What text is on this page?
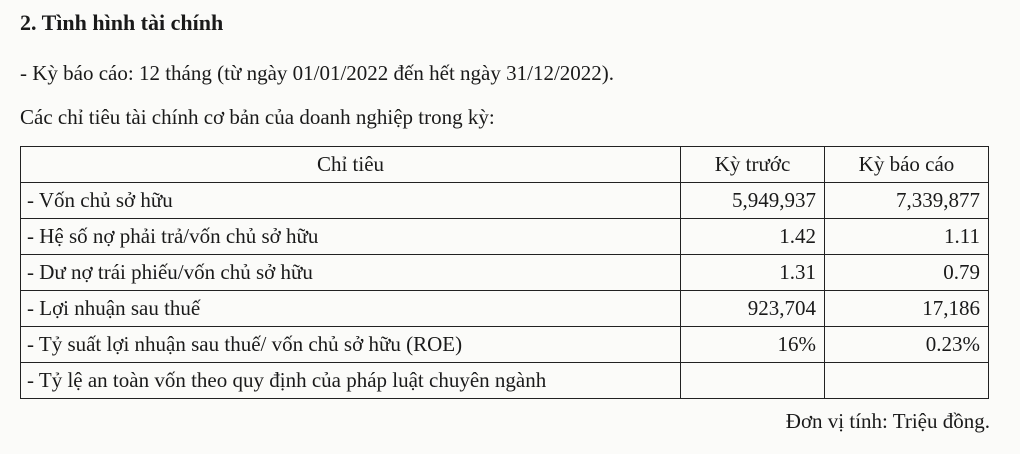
2. Tình hình tài chính

- Kỳ báo cáo: 12 tháng (từ ngày 01/01/2022 đến hết ngày 31/12/2022).

Các chỉ tiêu tài chính cơ bản của doanh nghiệp trong kỳ:

Chỉ tiêu	Kỳ trước	Kỳ báo cáo
- Vốn chủ sở hữu	5,949,937	7,339,877
- Hệ số nợ phải trả/vốn chủ sở hữu	1.42	1.11
- Dư nợ trái phiếu/vốn chủ sở hữu	1.31	0.79
- Lợi nhuận sau thuế	923,704	17,186
- Tỷ suất lợi nhuận sau thuế/ vốn chủ sở hữu (ROE)	16%	0.23%
- Tỷ lệ an toàn vốn theo quy định của pháp luật chuyên ngành		

Đơn vị tính: Triệu đồng.
